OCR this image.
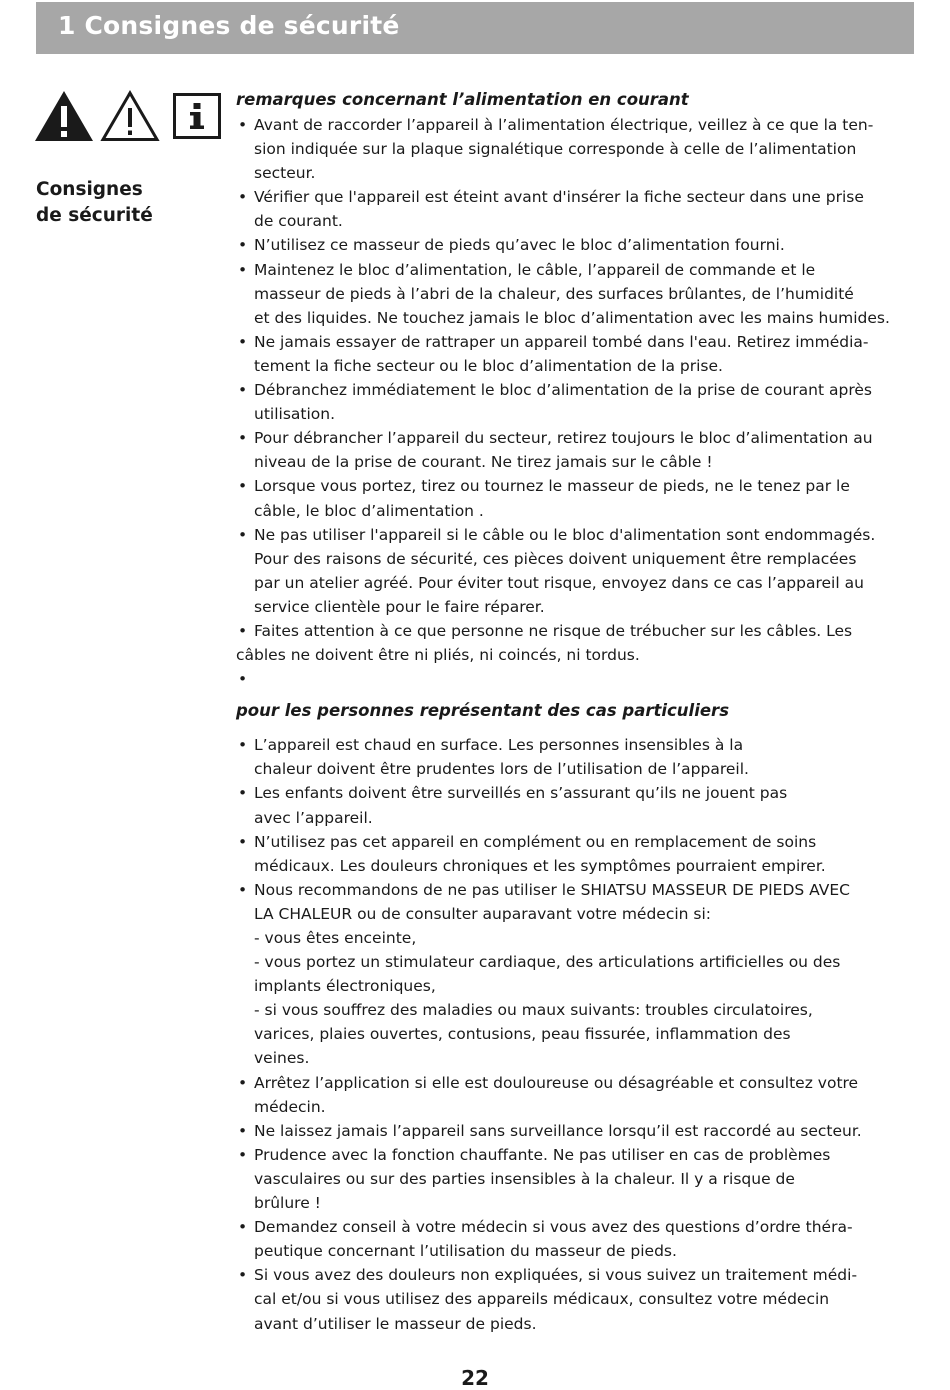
1 Consignes de sécurité
Consignes
de sécurité
remarques concernant l’alimentation en courant
• Avant de raccorder l’appareil à l’alimentation électrique, veillez à ce que la ten-
sion indiquée sur la plaque signalétique corresponde à celle de l’alimentation
secteur.
• Vérifier que l'appareil est éteint avant d'insérer la fiche secteur dans une prise
de courant.
• N’utilisez ce masseur de pieds qu’avec le bloc d’alimentation fourni.
• Maintenez le bloc d’alimentation, le câble, l’appareil de commande et le
masseur de pieds à l’abri de la chaleur, des surfaces brûlantes, de l’humidité
et des liquides. Ne touchez jamais le bloc d’alimentation avec les mains humides.
• Ne jamais essayer de rattraper un appareil tombé dans l'eau. Retirez immédia-
tement la fiche secteur ou le bloc d’alimentation de la prise.
• Débranchez immédiatement le bloc d’alimentation de la prise de courant après
utilisation.
• Pour débrancher l’appareil du secteur, retirez toujours le bloc d’alimentation au
niveau de la prise de courant. Ne tirez jamais sur le câble !
• Lorsque vous portez, tirez ou tournez le masseur de pieds, ne le tenez par le
câble, le bloc d’alimentation .
• Ne pas utiliser l'appareil si le câble ou le bloc d'alimentation sont endommagés.
Pour des raisons de sécurité, ces pièces doivent uniquement être remplacées
par un atelier agréé. Pour éviter tout risque, envoyez dans ce cas l’appareil au
service clientèle pour le faire réparer.
• Faites attention à ce que personne ne risque de trébucher sur les câbles. Les
câbles ne doivent être ni pliés, ni coincés, ni tordus.
•

pour les personnes représentant des cas particuliers
• L’appareil est chaud en surface. Les personnes insensibles à la
chaleur doivent être prudentes lors de l’utilisation de l’appareil.
• Les enfants doivent être surveillés en s’assurant qu’ils ne jouent pas
avec l’appareil.
• N’utilisez pas cet appareil en complément ou en remplacement de soins
médicaux. Les douleurs chroniques et les symptômes pourraient empirer.
• Nous recommandons de ne pas utiliser le SHIATSU MASSEUR DE PIEDS AVEC
LA CHALEUR ou de consulter auparavant votre médecin si:
- vous êtes enceinte,
- vous portez un stimulateur cardiaque, des articulations artificielles ou des
implants électroniques,
- si vous souffrez des maladies ou maux suivants: troubles circulatoires,
varices, plaies ouvertes, contusions, peau fissurée, inflammation des
veines.
• Arrêtez l’application si elle est douloureuse ou désagréable et consultez votre
médecin.
• Ne laissez jamais l’appareil sans surveillance lorsqu’il est raccordé au secteur.
• Prudence avec la fonction chauffante. Ne pas utiliser en cas de problèmes
vasculaires ou sur des parties insensibles à la chaleur. Il y a risque de
brûlure !
• Demandez conseil à votre médecin si vous avez des questions d’ordre théra-
peutique concernant l’utilisation du masseur de pieds.
• Si vous avez des douleurs non expliquées, si vous suivez un traitement médi-
cal et/ou si vous utilisez des appareils médicaux, consultez votre médecin
avant d’utiliser le masseur de pieds.
22
